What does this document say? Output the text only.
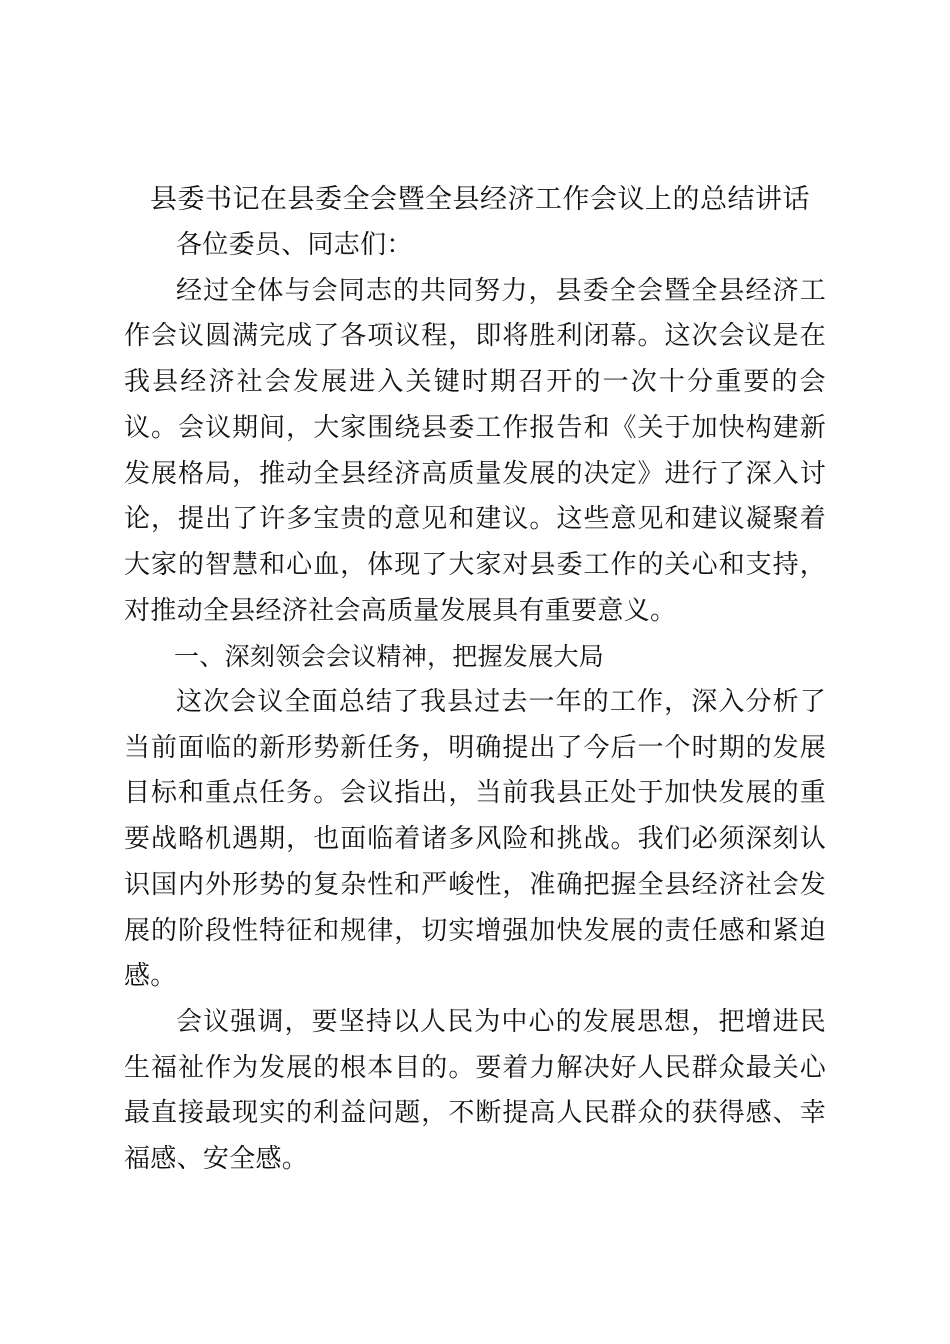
县委书记在县委全会暨全县经济工作会议上的总结讲话

各位委员、同志们：

经过全体与会同志的共同努力，县委全会暨全县经济工作会议圆满完成了各项议程，即将胜利闭幕。这次会议是在我县经济社会发展进入关键时期召开的一次十分重要的会议。会议期间，大家围绕县委工作报告和《关于加快构建新发展格局，推动全县经济高质量发展的决定》进行了深入讨论，提出了许多宝贵的意见和建议。这些意见和建议凝聚着大家的智慧和心血，体现了大家对县委工作的关心和支持，对推动全县经济社会高质量发展具有重要意义。

一、深刻领会会议精神，把握发展大局

这次会议全面总结了我县过去一年的工作，深入分析了当前面临的新形势新任务，明确提出了今后一个时期的发展目标和重点任务。会议指出，当前我县正处于加快发展的重要战略机遇期，也面临着诸多风险和挑战。我们必须深刻认识国内外形势的复杂性和严峻性，准确把握全县经济社会发展的阶段性特征和规律，切实增强加快发展的责任感和紧迫感。

会议强调，要坚持以人民为中心的发展思想，把增进民生福祉作为发展的根本目的。要着力解决好人民群众最关心最直接最现实的利益问题，不断提高人民群众的获得感、幸福感、安全感。
